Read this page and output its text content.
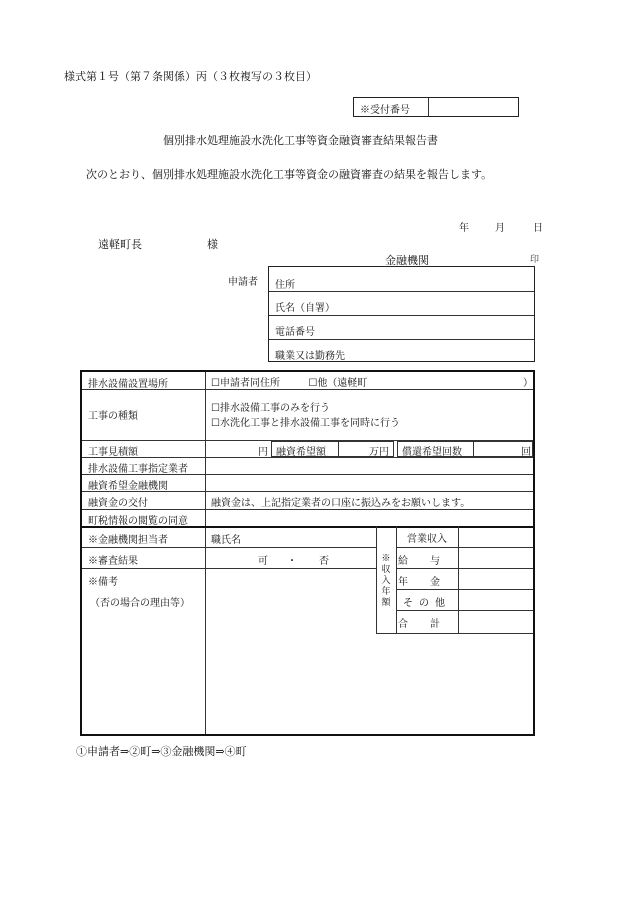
様式第１号（第７条関係）丙（３枚複写の３枚目）
※受付番号
個別排水処理施設水洗化工事等資金融資審査結果報告書
次のとおり、個別排水処理施設水洗化工事等資金の融資審査の結果を報告します。
年	月	日
遠軽町長	様
金融機関	印
申請者 住所
氏名（自署）
電話番号
職業又は勤務先
排水設備設置場所	☐申請者同住所	☐他（遠軽町	）
工事の種類
☐排水設備工事のみを行う
☐水洗化工事と排水設備工事を同時に行う
工事見積額	円 融資希望額	万円 償還希望回数	回
排水設備工事指定業者
融資希望金融機関
融資金の交付	融資金は、上記指定業者の口座に振込みをお願いします。
町税情報の閲覧の同意
※金融機関担当者	職氏名
※審査結果	可 ・ 否
※備考
（否の場合の理由等）
※収入年額
営業収入
給与
年金
その他
合計
①申請者⇒②町⇒③金融機関⇒④町
